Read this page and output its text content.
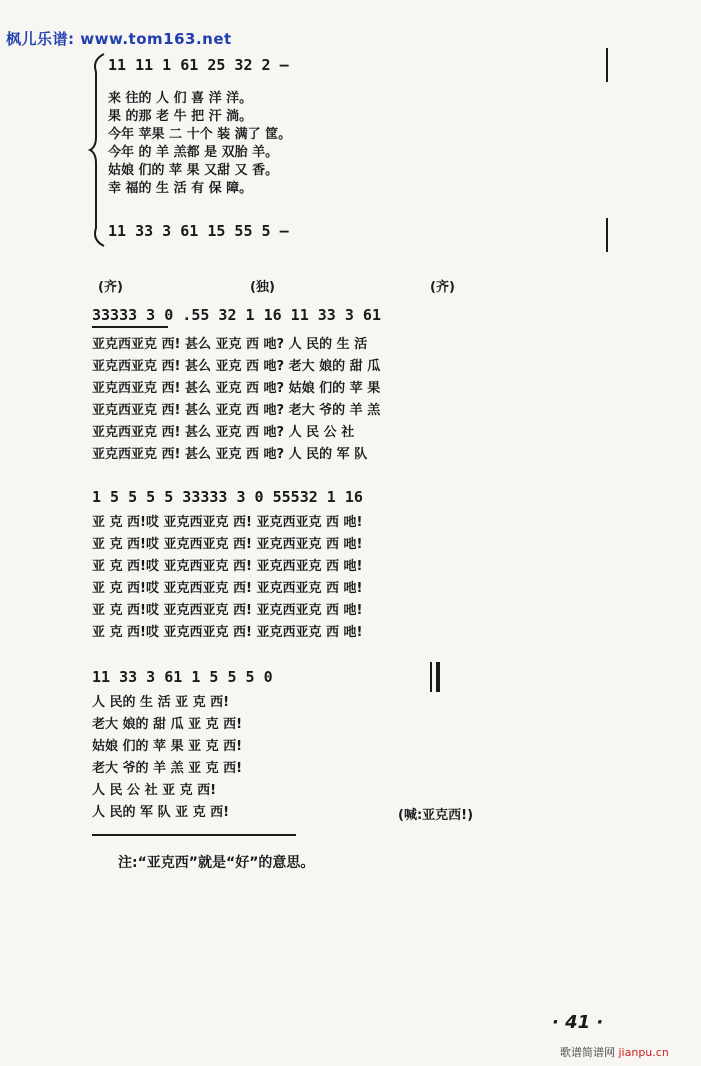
枫儿乐谱: www.tom163.net
11 11 1 61 25 32 2 —
来 往的 人 们 喜 洋 洋。
果 的那 老 牛 把 汗 淌。
今年 苹果 二 十个 装 满了 筐。
今年 的 羊 羔都 是 双胎 羊。
姑娘 们的 苹 果 又甜 又 香。
幸 福的 生 活 有 保 障。
11 33 3 61 15 55 5 —
(齐)	(独)	(齐)
33333 3 0 .55 32 1 16 11 33 3 61
亚克西亚克 西! 甚么 亚克 西 吔? 人 民的 生 活
亚克西亚克 西! 甚么 亚克 西 吔? 老大 娘的 甜 瓜
亚克西亚克 西! 甚么 亚克 西 吔? 姑娘 们的 苹 果
亚克西亚克 西! 甚么 亚克 西 吔? 老大 爷的 羊 羔
亚克西亚克 西! 甚么 亚克 西 吔? 人 民 公 社
亚克西亚克 西! 甚么 亚克 西 吔? 人 民的 军 队
1 5 5 5 5 33333 3 0 55532 1 16
亚 克 西!哎 亚克西亚克 西! 亚克西亚克 西 吔!
亚 克 西!哎 亚克西亚克 西! 亚克西亚克 西 吔!
亚 克 西!哎 亚克西亚克 西! 亚克西亚克 西 吔!
亚 克 西!哎 亚克西亚克 西! 亚克西亚克 西 吔!
亚 克 西!哎 亚克西亚克 西! 亚克西亚克 西 吔!
亚 克 西!哎 亚克西亚克 西! 亚克西亚克 西 吔!
11 33 3 61 1 5 5 5 0
人 民的 生 活 亚 克 西!
老大 娘的 甜 瓜 亚 克 西!
姑娘 们的 苹 果 亚 克 西!
老大 爷的 羊 羔 亚 克 西!
人 民 公 社 亚 克 西!
人 民的 军 队 亚 克 西!	(喊:亚克西!)
注:“亚克西”就是“好”的意思。
· 41 ·
歌谱简谱网 jianpu.cn
